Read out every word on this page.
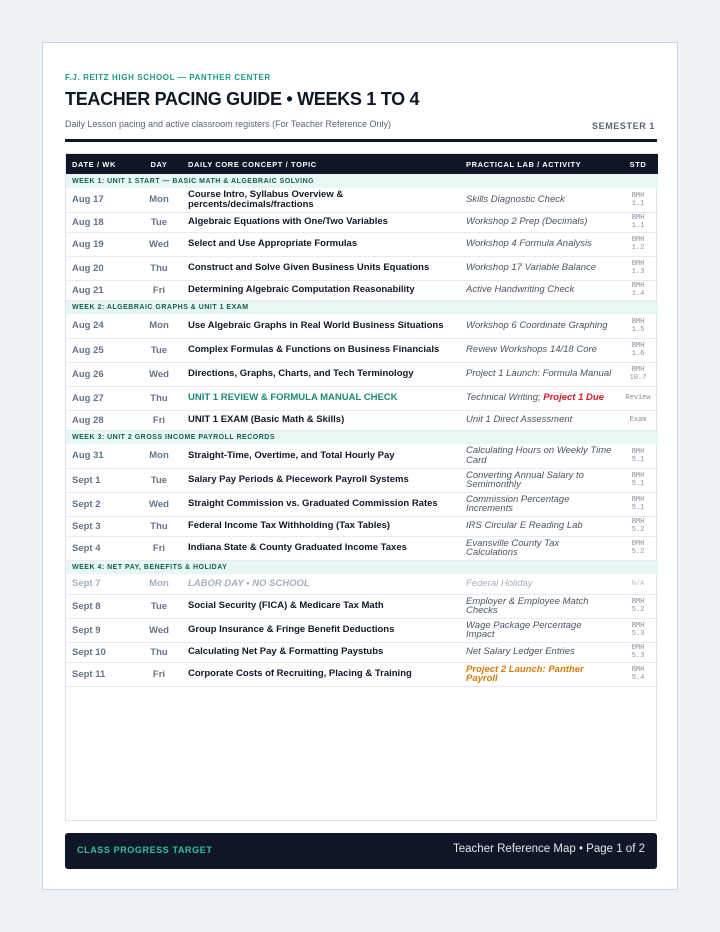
F.J. REITZ HIGH SCHOOL — PANTHER CENTER
TEACHER PACING GUIDE • WEEKS 1 TO 4
Daily Lesson pacing and active classroom registers (For Teacher Reference Only)	SEMESTER 1
DATE / WK	DAY	DAILY CORE CONCEPT / TOPIC	PRACTICAL LAB / ACTIVITY	STD
WEEK 1: UNIT 1 START — BASIC MATH & ALGEBRAIC SOLVING				
Aug 17	Mon	Course Intro, Syllabus Overview & percents/decimals/fractions	Skills Diagnostic Check	BMH 1.1
Aug 18	Tue	Algebraic Equations with One/Two Variables	Workshop 2 Prep (Decimals)	BMH 1.1
Aug 19	Wed	Select and Use Appropriate Formulas	Workshop 4 Formula Analysis	BMH 1.2
Aug 20	Thu	Construct and Solve Given Business Units Equations	Workshop 17 Variable Balance	BMH 1.3
Aug 21	Fri	Determining Algebraic Computation Reasonability	Active Handwriting Check	BMH 1.4
WEEK 2: ALGEBRAIC GRAPHS & UNIT 1 EXAM				
Aug 24	Mon	Use Algebraic Graphs in Real World Business Situations	Workshop 6 Coordinate Graphing	BMH 1.5
Aug 25	Tue	Complex Formulas & Functions on Business Financials	Review Workshops 14/18 Core	BMH 1.6
Aug 26	Wed	Directions, Graphs, Charts, and Tech Terminology	Project 1 Launch: Formula Manual	BMH 10.7
Aug 27	Thu	UNIT 1 REVIEW & FORMULA MANUAL CHECK	Technical Writing; Project 1 Due	Review
Aug 28	Fri	UNIT 1 EXAM (Basic Math & Skills)	Unit 1 Direct Assessment	Exam
WEEK 3: UNIT 2 GROSS INCOME PAYROLL RECORDS				
Aug 31	Mon	Straight-Time, Overtime, and Total Hourly Pay	Calculating Hours on Weekly Time Card	BMH 5.1
Sept 1	Tue	Salary Pay Periods & Piecework Payroll Systems	Converting Annual Salary to Semimonthly	BMH 5.1
Sept 2	Wed	Straight Commission vs. Graduated Commission Rates	Commission Percentage Increments	BMH 5.1
Sept 3	Thu	Federal Income Tax Withholding (Tax Tables)	IRS Circular E Reading Lab	BMH 5.2
Sept 4	Fri	Indiana State & County Graduated Income Taxes	Evansville County Tax Calculations	BMH 5.2
WEEK 4: NET PAY, BENEFITS & HOLIDAY				
Sept 7	Mon	LABOR DAY • NO SCHOOL	Federal Holiday	N/A
Sept 8	Tue	Social Security (FICA) & Medicare Tax Math	Employer & Employee Match Checks	BMH 5.2
Sept 9	Wed	Group Insurance & Fringe Benefit Deductions	Wage Package Percentage Impact	BMH 5.3
Sept 10	Thu	Calculating Net Pay & Formatting Paystubs	Net Salary Ledger Entries	BMH 5.3
Sept 11	Fri	Corporate Costs of Recruiting, Placing & Training	Project 2 Launch: Panther Payroll	BMH 5.4
CLASS PROGRESS TARGET	Teacher Reference Map • Page 1 of 2
